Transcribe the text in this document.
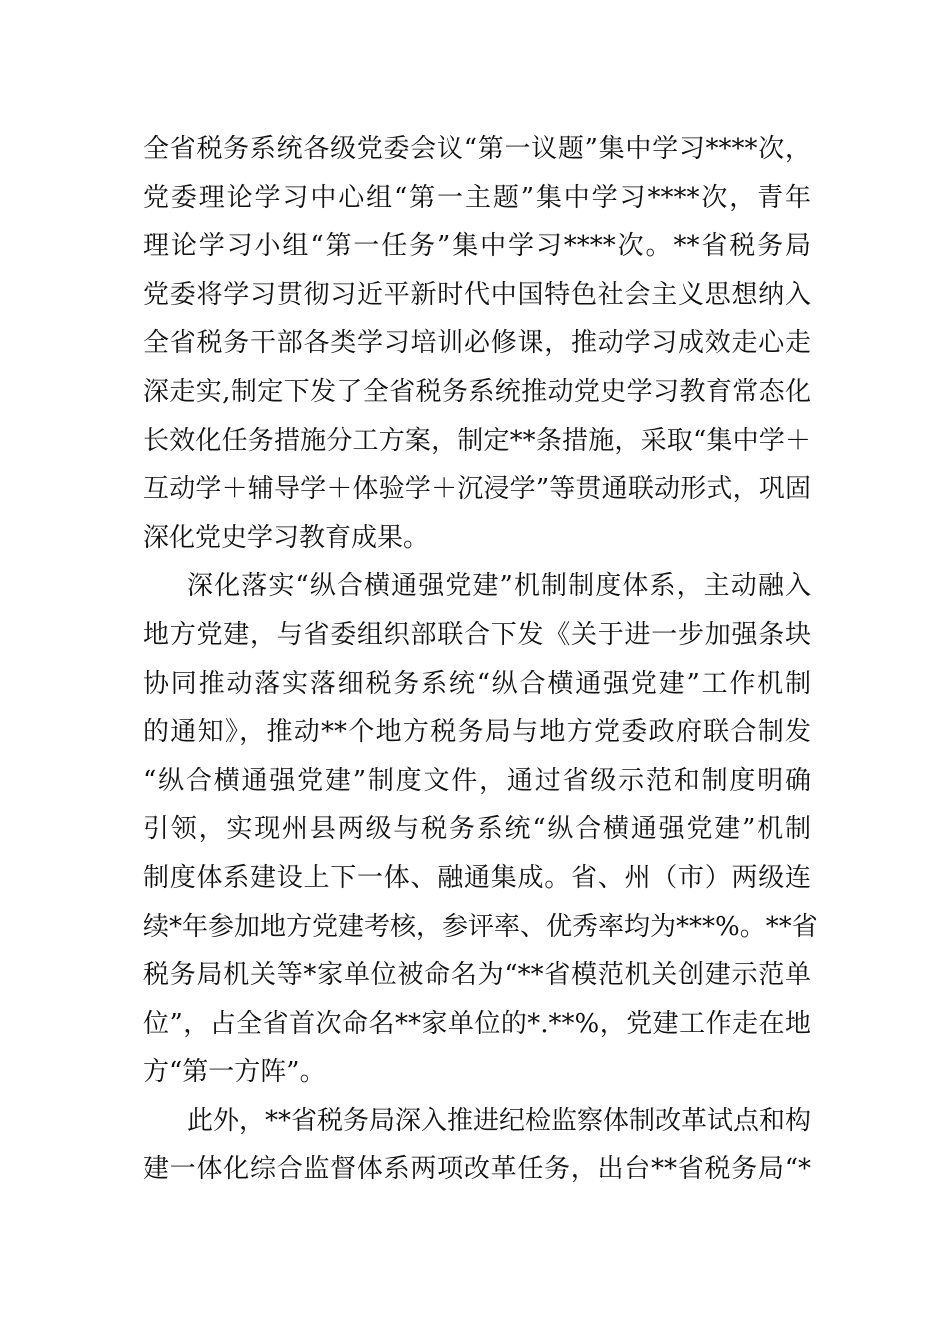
全省税务系统各级党委会议“第一议题”集中学习****次，
党委理论学习中心组“第一主题”集中学习****次，青年
理论学习小组“第一任务”集中学习****次。**省税务局
党委将学习贯彻习近平新时代中国特色社会主义思想纳入
全省税务干部各类学习培训必修课，推动学习成效走心走
深走实,制定下发了全省税务系统推动党史学习教育常态化
长效化任务措施分工方案，制定**条措施，采取“集中学＋
互动学＋辅导学＋体验学＋沉浸学”等贯通联动形式，巩固
深化党史学习教育成果。
深化落实“纵合横通强党建”机制制度体系，主动融入
地方党建，与省委组织部联合下发《关于进一步加强条块
协同推动落实落细税务系统“纵合横通强党建”工作机制
的通知》，推动**个地方税务局与地方党委政府联合制发
“纵合横通强党建”制度文件，通过省级示范和制度明确
引领，实现州县两级与税务系统“纵合横通强党建”机制
制度体系建设上下一体、融通集成。省、州（市）两级连
续*年参加地方党建考核，参评率、优秀率均为***%。**省
税务局机关等*家单位被命名为“**省模范机关创建示范单
位”，占全省首次命名**家单位的*.**%，党建工作走在地
方“第一方阵”。
此外，**省税务局深入推进纪检监察体制改革试点和构
建一体化综合监督体系两项改革任务，出台**省税务局“*
